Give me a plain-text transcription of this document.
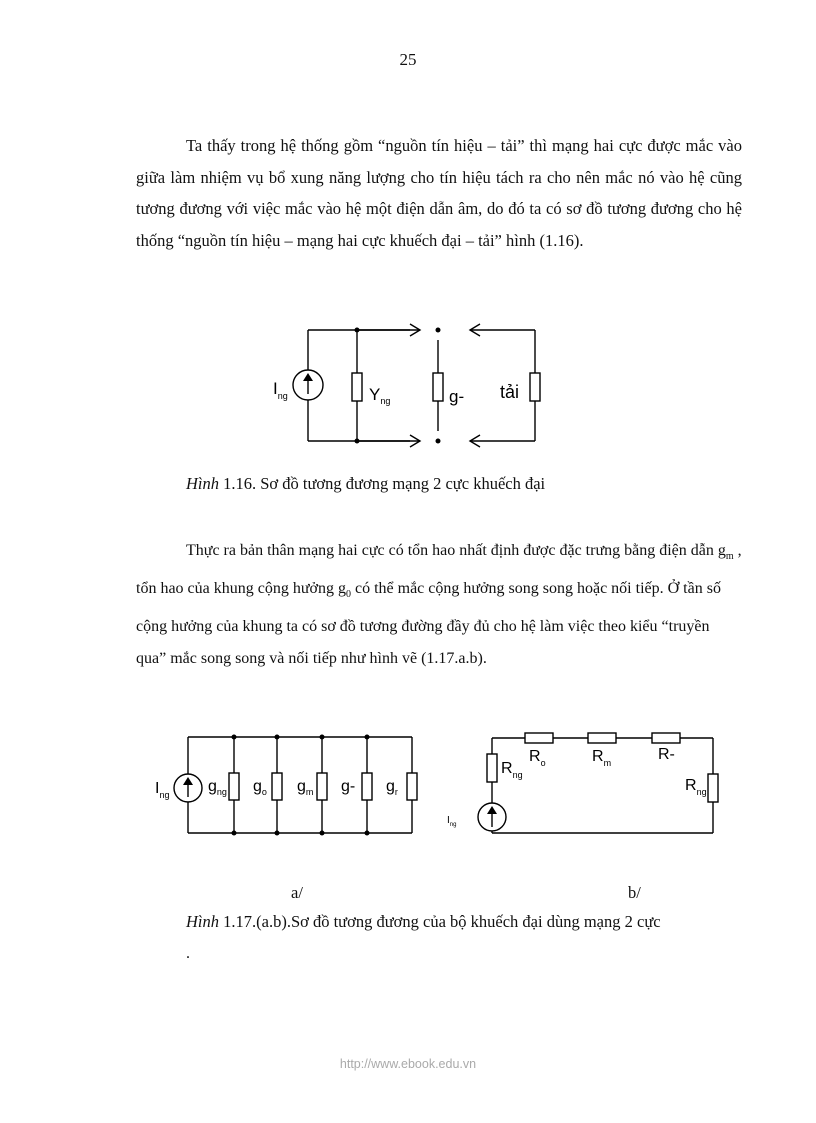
25

Ta thấy trong hệ thống gồm “nguồn tín hiệu – tải” thì mạng hai cực được mắc vào giữa làm nhiệm vụ bổ xung năng lượng cho tín hiệu tách ra cho nên mắc nó vào hệ cũng tương đương với việc mắc vào hệ một điện dẫn âm, do đó ta có sơ đồ tương đương cho hệ thống “nguồn tín hiệu – mạng hai cực khuếch đại – tải” hình (1.16).

$I_{ng}$	$Y_{ng}$	g- tải
Hình 1.16. Sơ đồ tương đương mạng 2 cực khuếch đại

Thực ra bản thân mạng hai cực có tổn hao nhất định được đặc trưng bằng điện dẫn $g_m$ , tổn hao của khung cộng hưởng $g_0$ có thể mắc cộng hưởng song song hoặc nối tiếp. Ở tần số cộng hưởng của khung ta có sơ đồ tương đường đầy đủ cho hệ làm việc theo kiểu “truyền qua” mắc song song và nối tiếp như hình vẽ (1.17.a.b).

$I_{ng}$ $g_{ng}$ $g_o$ $g_m$ g- $g_r$
$R_{ng}$
$R_o$	$R_m$	R-
$R_{ng}$
$I_{ng}$
a/	b/
Hình 1.17.(a.b).Sơ đồ tương đương của bộ khuếch đại dùng mạng 2 cực
.
http://www.ebook.edu.vn
